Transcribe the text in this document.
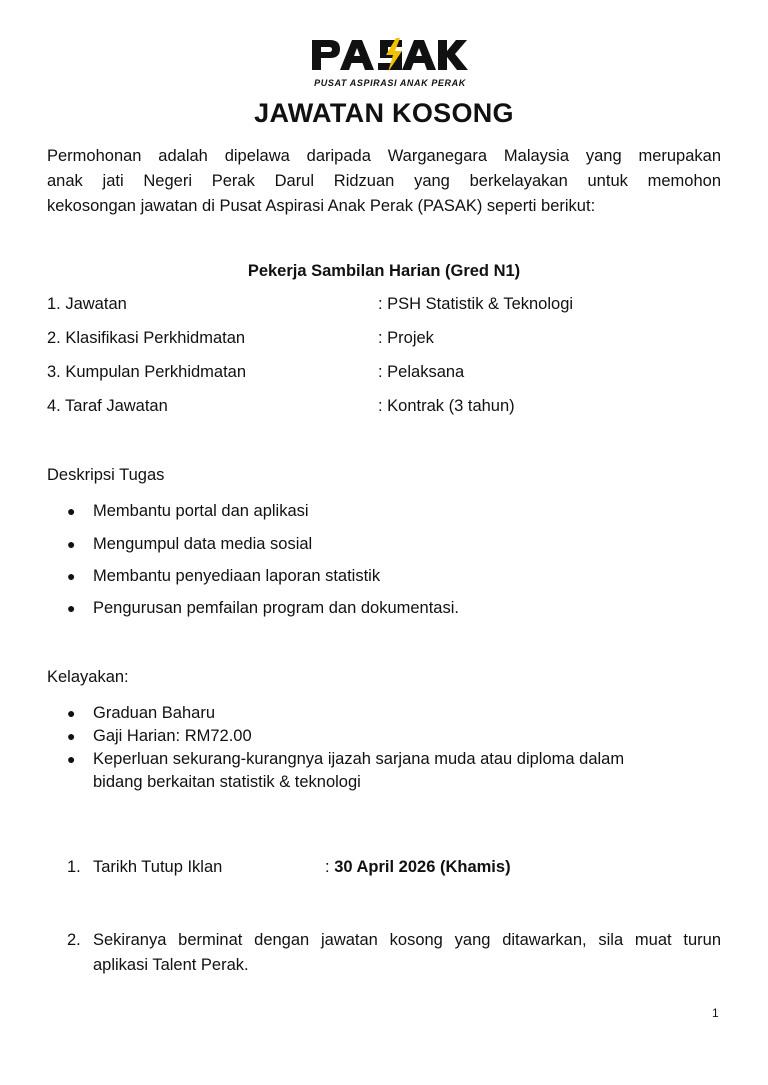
PUSAT ASPIRASI ANAK PERAK
JAWATAN KOSONG
Permohonan adalah dipelawa daripada Warganegara Malaysia yang merupakan
anak jati Negeri Perak Darul Ridzuan yang berkelayakan untuk memohon
kekosongan jawatan di Pusat Aspirasi Anak Perak (PASAK) seperti berikut:
Pekerja Sambilan Harian (Gred N1)
1. Jawatan	: PSH Statistik & Teknologi
2. Klasifikasi Perkhidmatan	: Projek
3. Kumpulan Perkhidmatan	: Pelaksana
4. Taraf Jawatan	: Kontrak (3 tahun)
Deskripsi Tugas
●	Membantu portal dan aplikasi
●	Mengumpul data media sosial
●	Membantu penyediaan laporan statistik
●	Pengurusan pemfailan program dan dokumentasi.
Kelayakan:
●	Graduan Baharu
●	Gaji Harian: RM72.00
●	Keperluan sekurang-kurangnya ijazah sarjana muda atau diploma dalam
bidang berkaitan statistik & teknologi
1. Tarikh Tutup Iklan	: 30 April 2026 (Khamis)
2. Sekiranya berminat dengan jawatan kosong yang ditawarkan, sila muat turun
aplikasi Talent Perak.
1
